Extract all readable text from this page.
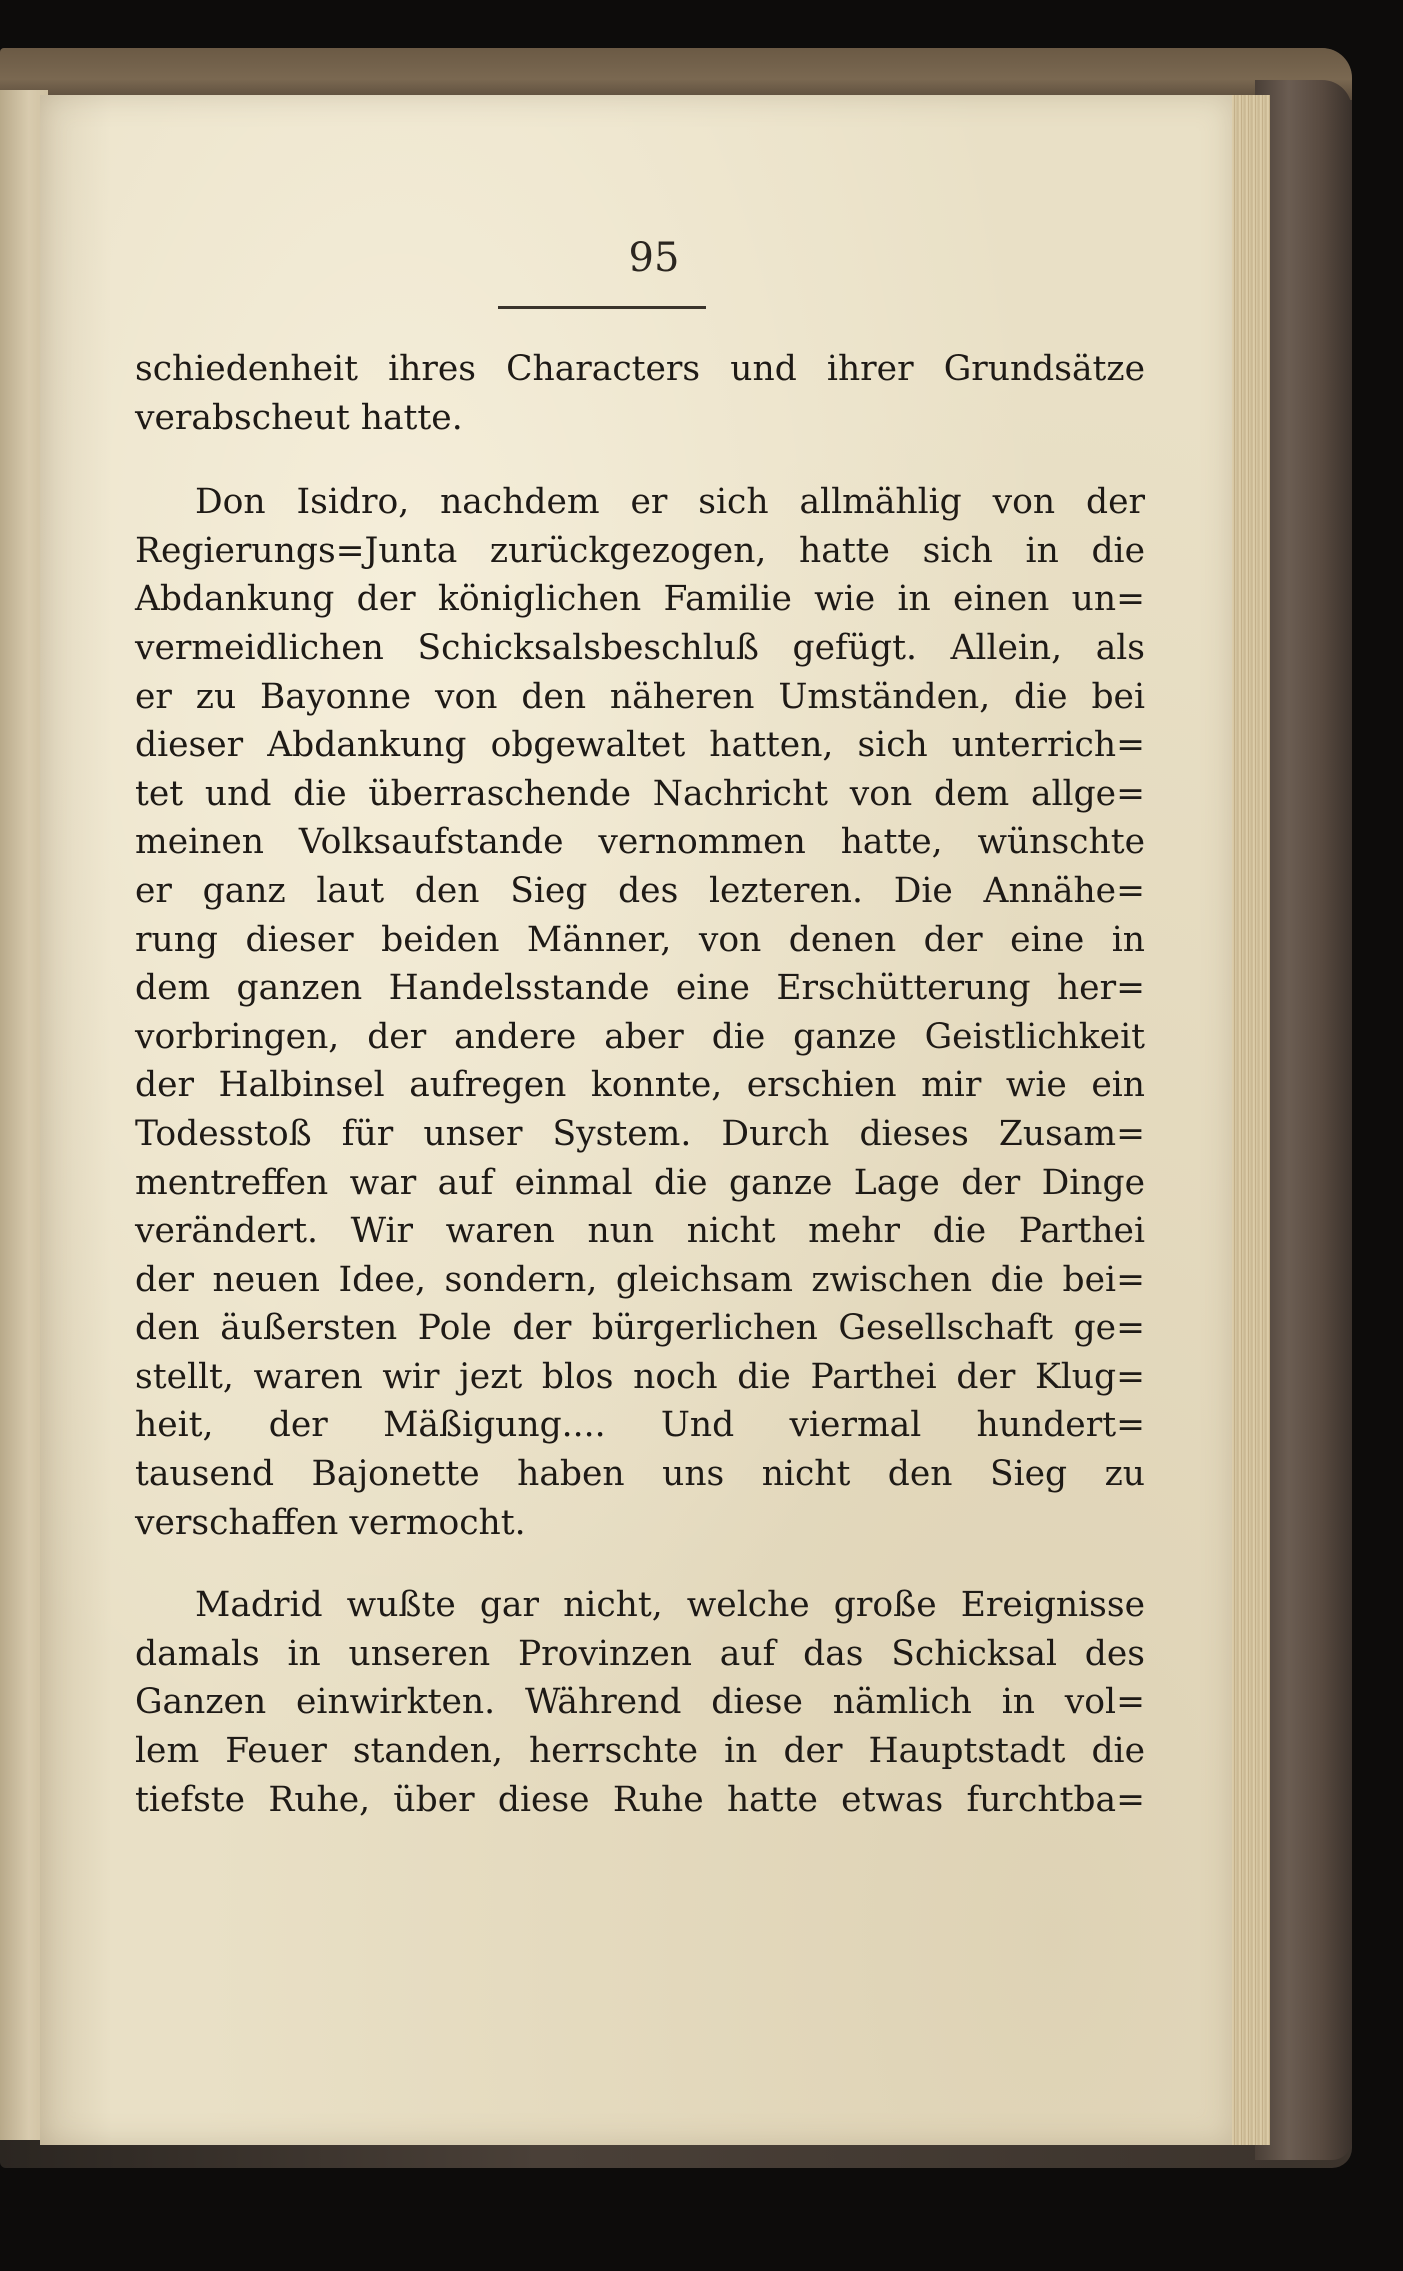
95
schiedenheit ihres Characters und ihrer Grundsätze
verabscheut hatte.
Don Isidro, nachdem er sich allmählig von der
Regierungs=Junta zurückgezogen, hatte sich in die
Abdankung der königlichen Familie wie in einen un=
vermeidlichen Schicksalsbeschluß gefügt. Allein, als
er zu Bayonne von den näheren Umständen, die bei
dieser Abdankung obgewaltet hatten, sich unterrich=
tet und die überraschende Nachricht von dem allge=
meinen Volksaufstande vernommen hatte, wünschte
er ganz laut den Sieg des lezteren. Die Annähe=
rung dieser beiden Männer, von denen der eine in
dem ganzen Handelsstande eine Erschütterung her=
vorbringen, der andere aber die ganze Geistlichkeit
der Halbinsel aufregen konnte, erschien mir wie ein
Todesstoß für unser System. Durch dieses Zusam=
mentreffen war auf einmal die ganze Lage der Dinge
verändert. Wir waren nun nicht mehr die Parthei
der neuen Idee, sondern, gleichsam zwischen die bei=
den äußersten Pole der bürgerlichen Gesellschaft ge=
stellt, waren wir jezt blos noch die Parthei der Klug=
heit, der Mäßigung.... Und viermal hundert=
tausend Bajonette haben uns nicht den Sieg zu
verschaffen vermocht.
Madrid wußte gar nicht, welche große Ereignisse
damals in unseren Provinzen auf das Schicksal des
Ganzen einwirkten. Während diese nämlich in vol=
lem Feuer standen, herrschte in der Hauptstadt die
tiefste Ruhe, über diese Ruhe hatte etwas furchtba=
